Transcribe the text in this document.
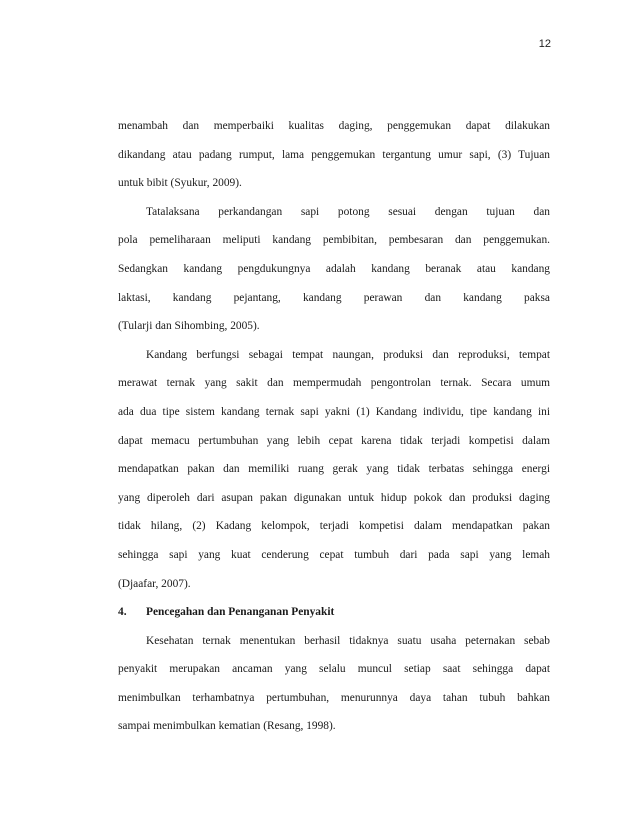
12
menambah dan memperbaiki kualitas daging, penggemukan dapat dilakukan
dikandang atau padang rumput, lama penggemukan tergantung umur sapi, (3) Tujuan
untuk bibit (Syukur, 2009).
Tatalaksana perkandangan sapi potong sesuai dengan tujuan dan
pola pemeliharaan meliputi kandang pembibitan, pembesaran dan penggemukan.
Sedangkan kandang pengdukungnya adalah kandang beranak atau kandang
laktasi, kandang pejantang, kandang perawan dan kandang paksa
(Tularji dan Sihombing, 2005).
Kandang berfungsi sebagai tempat naungan, produksi dan reproduksi, tempat
merawat ternak yang sakit dan mempermudah pengontrolan ternak. Secara umum
ada dua tipe sistem kandang ternak sapi yakni (1) Kandang individu, tipe kandang ini
dapat memacu pertumbuhan yang lebih cepat karena tidak terjadi kompetisi dalam
mendapatkan pakan dan memiliki ruang gerak yang tidak terbatas sehingga energi
yang diperoleh dari asupan pakan digunakan untuk hidup pokok dan produksi daging
tidak hilang, (2) Kadang kelompok, terjadi kompetisi dalam mendapatkan pakan
sehingga sapi yang kuat cenderung cepat tumbuh dari pada sapi yang lemah
(Djaafar, 2007).
4. Pencegahan dan Penanganan Penyakit
Kesehatan ternak menentukan berhasil tidaknya suatu usaha peternakan sebab
penyakit merupakan ancaman yang selalu muncul setiap saat sehingga dapat
menimbulkan terhambatnya pertumbuhan, menurunnya daya tahan tubuh bahkan
sampai menimbulkan kematian (Resang, 1998).
